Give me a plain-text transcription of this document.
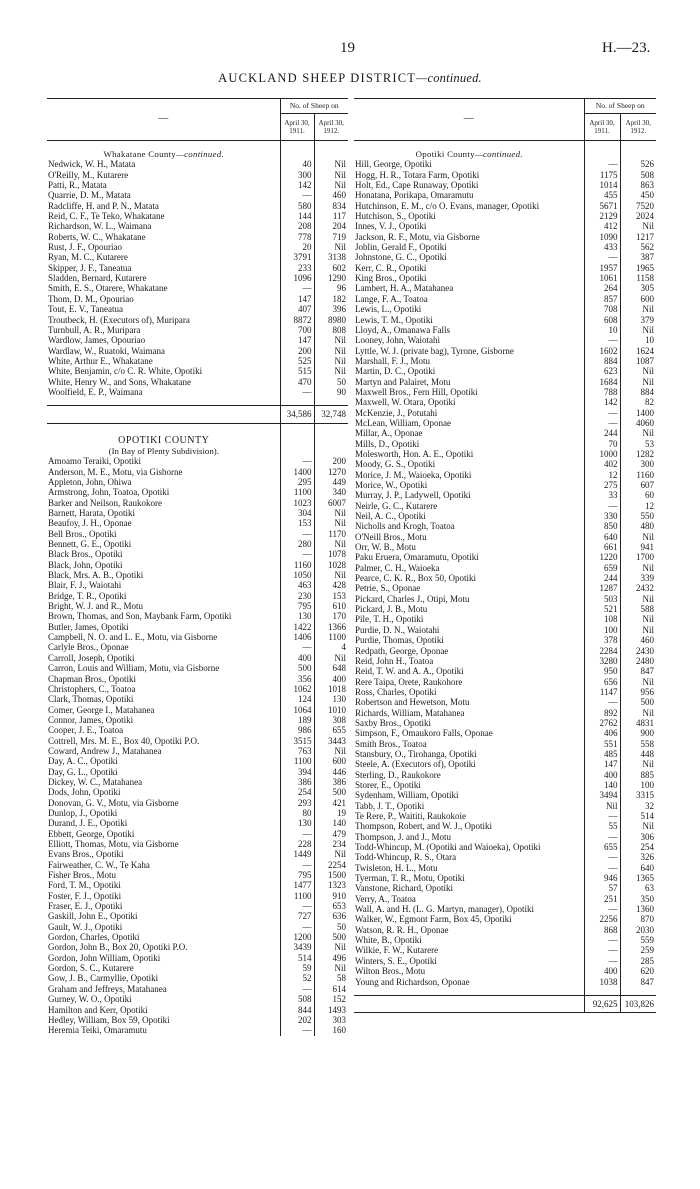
19	H.—23.
AUCKLAND SHEEP DISTRICT—continued.
—	No. of Sheep on	
	April 30, 1911.	April 30, 1912.

Whakatane County—continued.		
Nedwick, W. H., Matata	40	Nil
O'Reilly, M., Kutarere	300	Nil
Patti, R., Matata	142	Nil
Quarrie, D. M., Matata	—	460
Radcliffe, H. and P. N., Matata	580	834
Reid, C. F., Te Teko, Whakatane	144	117
Richardson, W. L., Waimana	208	204
Roberts, W. C., Whakatane	778	719
Rust, J. F., Opouriao	20	Nil
Ryan, M. C., Kutarere	3791	3138
Skipper, J. F., Taneatua	233	602
Sladden, Bernard, Kutarere	1096	1290
Smith, E. S., Otarere, Whakatane	—	96
Thom, D. M., Opouriao	147	182
Tout, E. V., Taneatua	407	396
Troutbeck, H. (Executors of), Muripara	8872	8980
Turnbull, A. R., Muripara	700	808
Wardlow, James, Opouriao	147	Nil
Wardlaw, W., Ruatoki, Waimana	200	Nil
White, Arthur E., Whakatane	525	Nil
White, Benjamin, c/o C. R. White, Opotiki	515	Nil
White, Henry W., and Sons, Whakatane	470	50
Woolfield, E. P., Waimana	—	90

	34,586	32,748

OPOTIKI COUNTY		
(In Bay of Plenty Subdivision).		
Amoamo Teraiki, Opotiki	—	200
Anderson, M. E., Motu, via Gisborne	1400	1270
Appleton, John, Ohiwa	295	449
Armstrong, John, Toatoa, Opotiki	1100	340
Barker and Neilson, Raukokore	1023	6007
Barnett, Harata, Opotiki	304	Nil
Beaufoy, J. H., Oponae	153	Nil
Bell Bros., Opotiki	—	1170
Bennett, G. E., Opotiki	280	Nil
Black Bros., Opotiki	—	1078
Black, John, Opotiki	1160	1028
Black, Mrs. A. B., Opotiki	1050	Nil
Blair, F. J., Waiotahi	463	428
Bridge, T. R., Opotiki	230	153
Bright, W. J. and R., Motu	795	610
Brown, Thomas, and Son, Maybank Farm, Opotiki	130	170
Butler, James, Opotiki	1422	1366
Campbell, N. O. and L. E., Motu, via Gisborne	1406	1100
Carlyle Bros., Oponae	—	4
Carroll, Joseph, Opotiki	400	Nil
Carron, Louis and William, Motu, via Gisborne	500	648
Chapman Bros., Opotiki	356	400
Christophers, C., Toatoa	1062	1018
Clark, Thomas, Opotiki	124	130
Comer, George I., Matahanea	1064	1010
Connor, James, Opotiki	189	308
Cooper, J. E., Toatoa	986	655
Cottrell, Mrs. M. E., Box 40, Opotiki P.O.	3515	3443
Coward, Andrew J., Matahanea	763	Nil
Day, A. C., Opotiki	1100	600
Day, G. L., Opotiki	394	446
Dickey, W. C., Matahanea	386	386
Dods, John, Opotiki	254	500
Donovan, G. V., Motu, via Gisborne	293	421
Dunlop, J., Opotiki	80	19
Durand, J. E., Opotiki	130	140
Ebbett, George, Opotiki	—	479
Elliott, Thomas, Motu, via Gisborne	228	234
Evans Bros., Opotiki	1449	Nil
Fairweather, C. W., Te Kaha	—	2254
Fisher Bros., Motu	795	1500
Ford, T. M., Opotiki	1477	1323
Foster, F. J., Opotiki	1100	910
Fraser, E. J., Opotiki	—	653
Gaskill, John E., Opotiki	727	636
Gault, W. J., Opotiki	—	50
Gordon, Charles, Opotiki	1200	500
Gordon, John B., Box 20, Opotiki P.O.	3439	Nil
Gordon, John William, Opotiki	514	496
Gordon, S. C., Kutarere	59	Nil
Gow, J. B., Carmyllie, Opotiki	52	58
Graham and Jeffreys, Matahanea	—	614
Gurney, W. O., Opotiki	508	152
Hamilton and Kerr, Opotiki	844	1493
Hedley, William, Box 59, Opotiki	202	303
Heremia Teiki, Omaramutu	—	160
—	No. of Sheep on	
	April 30, 1911.	April 30, 1912.

Opotiki County—continued.		
Hill, George, Opotiki	—	526
Hogg, H. R., Totara Farm, Opotiki	1175	508
Holt, Ed., Cape Runaway, Opotiki	1014	863
Honatana, Porikapa, Omaramutu	455	450
Hutchinson, E. M., c/o O. Evans, manager, Opotiki	5671	7520
Hutchison, S., Opotiki	2129	2024
Innes, V. J., Opotiki	412	Nil
Jackson, R. F., Motu, via Gisborne	1090	1217
Joblin, Gerald F., Opotiki	433	562
Johnstone, G. C., Opotiki	—	387
Kerr, C. R., Opotiki	1957	1965
King Bros., Opotiki	1061	1158
Lambert, H. A., Matahanea	264	305
Lange, F. A., Toatoa	857	600
Lewis, L., Opotiki	708	Nil
Lewis, T. M., Opotiki	608	379
Lloyd, A., Omanawa Falls	10	Nil
Looney, John, Waiotahi	—	10
Lyttle, W. J. (private bag), Tyrone, Gisborne	1602	1624
Marshall, F. J., Motu	884	1087
Martin, D. C., Opotiki	623	Nil
Martyn and Palairet, Motu	1684	Nil
Maxwell Bros., Fern Hill, Opotiki	788	884
Maxwell, W. Otara, Opotiki	142	82
McKenzie, J., Potutahi	—	1400
McLean, William, Oponae	—	4060
Millar, A., Oponae	244	Nil
Mills, D., Opotiki	70	53
Molesworth, Hon. A. E., Opotiki	1000	1282
Moody, G. S., Opotiki	402	300
Morice, J. M., Waioeka, Opotiki	12	1160
Morice, W., Opotiki	275	607
Murray, J. P., Ladywell, Opotiki	33	60
Neirle, G. C., Kutarere	—	12
Neil, A. C., Opotiki	330	550
Nicholls and Krogh, Toatoa	850	480
O'Neill Bros., Motu	640	Nil
Orr, W. B., Motu	661	941
Paku Eruera, Omaramutu, Opotiki	1220	1700
Palmer, C. H., Waioeka	659	Nil
Pearce, C. K. R., Box 50, Opotiki	244	339
Petrie, S., Oponae	1287	2432
Pickard, Charles J., Otipi, Motu	503	Nil
Pickard, J. B., Motu	521	588
Pile, T. H., Opotiki	108	Nil
Purdie, D. N., Waiotahi	100	Nil
Purdie, Thomas, Opotiki	378	460
Redpath, George, Oponae	2284	2430
Reid, John H., Toatoa	3280	2480
Reid, T. W. and A. A., Opotiki	950	847
Rere Taipa, Orete, Raukohore	656	Nil
Ross, Charles, Opotiki	1147	956
Robertson and Hewetson, Motu	—	500
Richards, William, Matahanea	892	Nil
Saxby Bros., Opotiki	2762	4831
Simpson, F., Omaukoro Falls, Oponae	406	900
Smith Bros., Toatoa	551	558
Stansbury, O., Tirohanga, Opotiki	485	448
Steele, A. (Executors of), Opotiki	147	Nil
Sterling, D., Raukokore	400	885
Storer, E., Opotiki	140	100
Sydenham, William, Opotiki	3494	3315
Tabb, J. T., Opotiki	Nil	32
Te Rere, P., Waititi, Raukokoie	—	514
Thompson, Robert, and W. J., Opotiki	55	Nil
Thompson, J. and J., Motu	—	306
Todd-Whincup, M. (Opotiki and Waioeka), Opotiki	655	254
Todd-Whincup, R. S., Otara	—	326
Twisleton, H. L., Motu	—	640
Tyerman, T. R., Motu, Opotiki	946	1365
Vanstone, Richard, Opotiki	57	63
Verry, A., Toatoa	251	350
Wall, A. and H. (L. G. Martyn, manager), Opotiki	—	1360
Walker, W., Egmont Farm, Box 45, Opotiki	2256	870
Watson, R. R. H., Oponae	868	2030
White, B., Opotiki	—	559
Wilkie, F. W., Kutarere	—	259
Winters, S. E., Opotiki	—	285
Wilton Bros., Motu	400	620
Young and Richardson, Oponae	1038	847

	92,625	103,826
